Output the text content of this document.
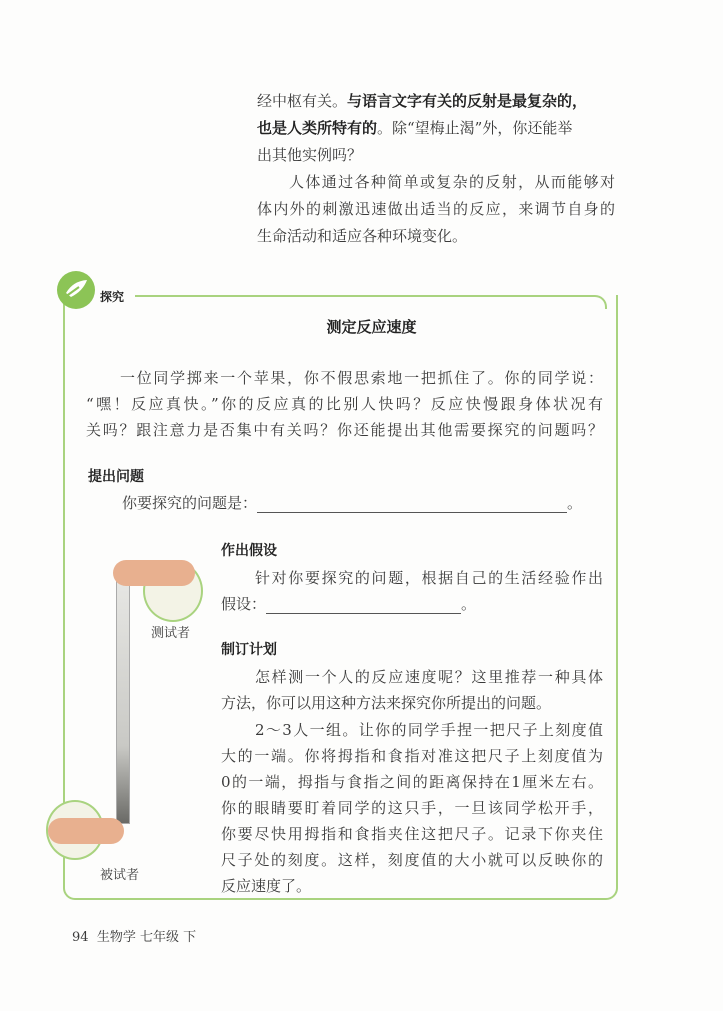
经中枢有关。与语言文字有关的反射是最复杂的，
也是人类所特有的。除“望梅止渴”外，你还能举
出其他实例吗？
人体通过各种简单或复杂的反射，从而能够对
体内外的刺激迅速做出适当的反应，来调节自身的
生命活动和适应各种环境变化。
探究
测定反应速度
一位同学掷来一个苹果，你不假思索地一把抓住了。你的同学说：
“嘿！反应真快。”你的反应真的比别人快吗？反应快慢跟身体状况有
关吗？跟注意力是否集中有关吗？你还能提出其他需要探究的问题吗？
提出问题
你要探究的问题是：	。
作出假设
针对你要探究的问题，根据自己的生活经验作出
假设：	。
制订计划
怎样测一个人的反应速度呢？这里推荐一种具体
方法，你可以用这种方法来探究你所提出的问题。
2～3人一组。让你的同学手捏一把尺子上刻度值
大的一端。你将拇指和食指对准这把尺子上刻度值为
0的一端，拇指与食指之间的距离保持在1厘米左右。
你的眼睛要盯着同学的这只手，一旦该同学松开手，
你要尽快用拇指和食指夹住这把尺子。记录下你夹住
尺子处的刻度。这样，刻度值的大小就可以反映你的
反应速度了。
测试者
被试者
94 生物学 七年级 下
